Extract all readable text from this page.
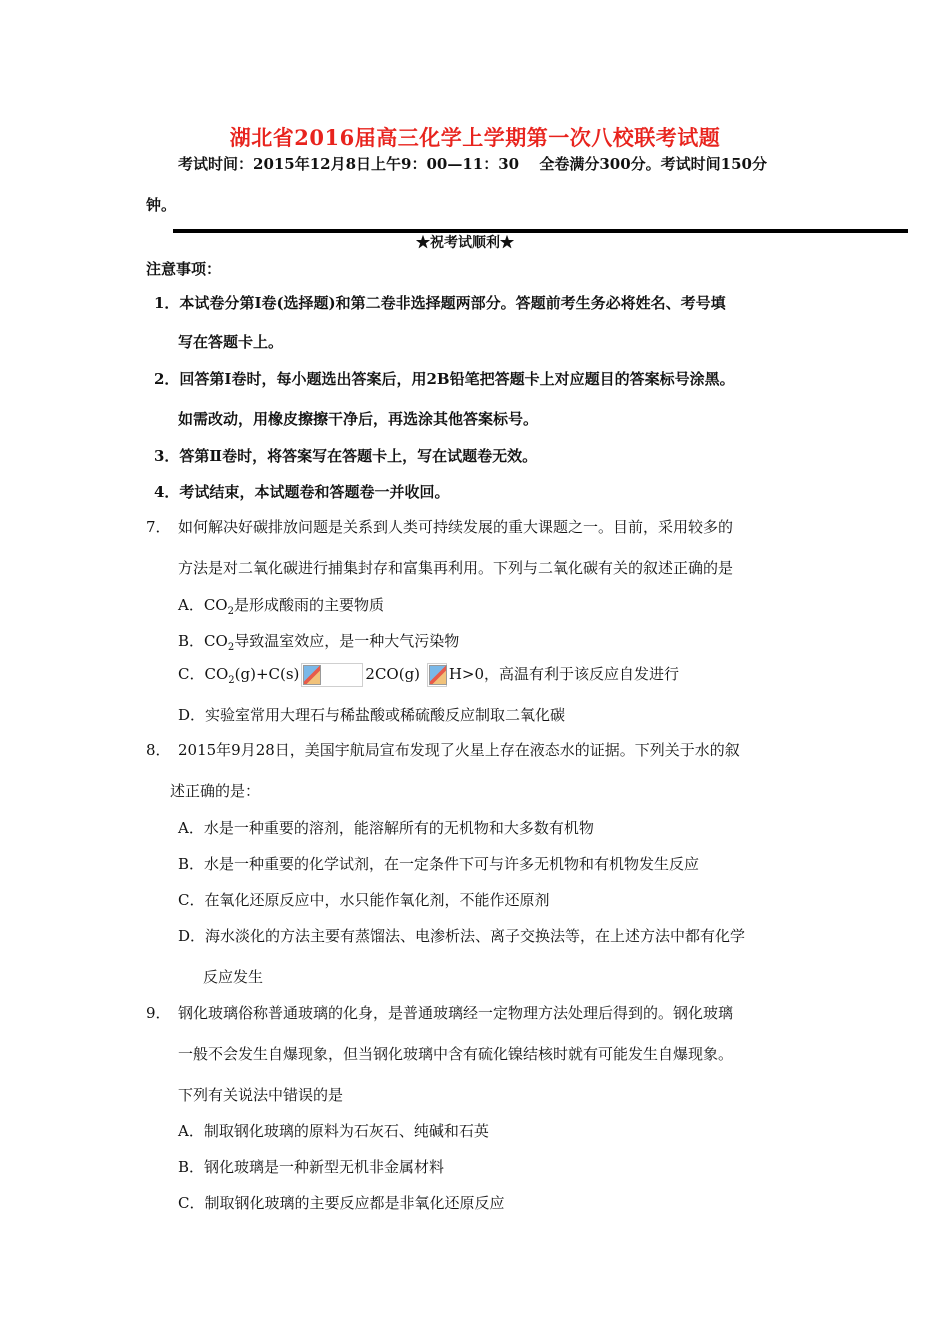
湖北省2016届高三化学上学期第一次八校联考试题
考试时间：2015年12月8日上午9：00—11：30　 全卷满分300分。考试时间150分
钟。
★祝考试顺利★
注意事项：
1．本试卷分第Ⅰ卷(选择题)和第二卷非选择题两部分。答题前考生务必将姓名、考号填
写在答题卡上。
2．回答第Ⅰ卷时，每小题选出答案后，用2B铅笔把答题卡上对应题目的答案标号涂黑。
如需改动，用橡皮擦擦干净后，再选涂其他答案标号。
3．答第Ⅱ卷时，将答案写在答题卡上，写在试题卷无效。
4．考试结束，本试题卷和答题卷一并收回。
7． 如何解决好碳排放问题是关系到人类可持续发展的重大课题之一。目前，采用较多的
方法是对二氧化碳进行捕集封存和富集再利用。下列与二氧化碳有关的叙述正确的是
A．$CO_2$是形成酸雨的主要物质
B．$CO_2$导致温室效应，是一种大气污染物
C．$CO_2(g)+C(s)$	2CO(g) H>0，高温有利于该反应自发进行
D．实验室常用大理石与稀盐酸或稀硫酸反应制取二氧化碳
8． 2015年9月28日，美国宇航局宣布发现了火星上存在液态水的证据。下列关于水的叙
述正确的是：
A．水是一种重要的溶剂，能溶解所有的无机物和大多数有机物
B．水是一种重要的化学试剂，在一定条件下可与许多无机物和有机物发生反应
C．在氧化还原反应中，水只能作氧化剂，不能作还原剂
D．海水淡化的方法主要有蒸馏法、电渗析法、离子交换法等，在上述方法中都有化学
反应发生
9． 钢化玻璃俗称普通玻璃的化身，是普通玻璃经一定物理方法处理后得到的。钢化玻璃
一般不会发生自爆现象，但当钢化玻璃中含有硫化镍结核时就有可能发生自爆现象。
下列有关说法中错误的是
A．制取钢化玻璃的原料为石灰石、纯碱和石英
B．钢化玻璃是一种新型无机非金属材料
C．制取钢化玻璃的主要反应都是非氧化还原反应
